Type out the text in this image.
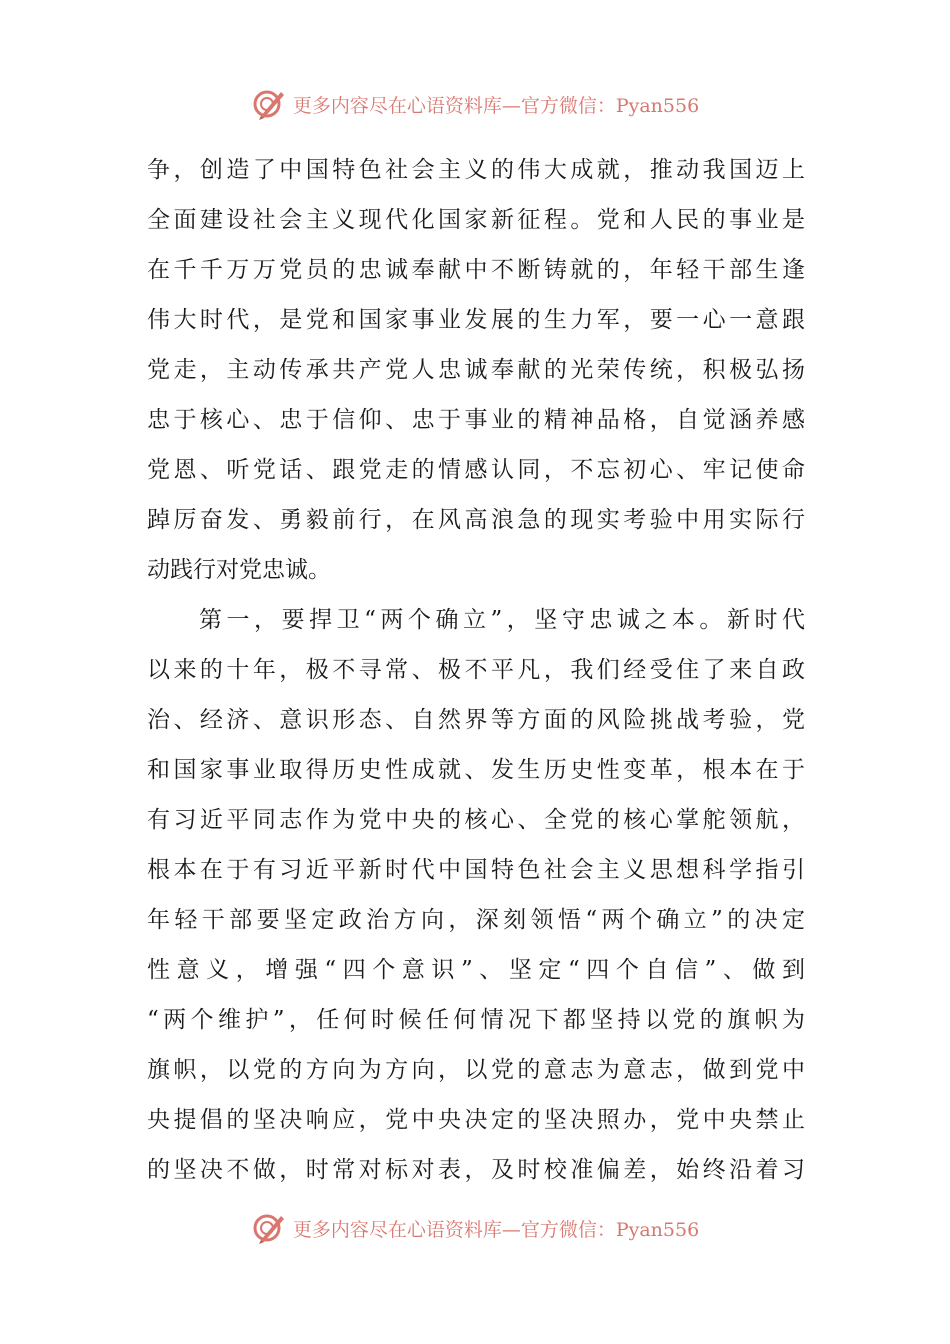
更多内容尽在心语资料库—官方微信：Pyan556
争，创造了中国特色社会主义的伟大成就，推动我国迈上
全面建设社会主义现代化国家新征程。党和人民的事业是
在千千万万党员的忠诚奉献中不断铸就的，年轻干部生逢
伟大时代，是党和国家事业发展的生力军，要一心一意跟
党走，主动传承共产党人忠诚奉献的光荣传统，积极弘扬
忠于核心、忠于信仰、忠于事业的精神品格，自觉涵养感
党恩、听党话、跟党走的情感认同，不忘初心、牢记使命
踔厉奋发、勇毅前行，在风高浪急的现实考验中用实际行
动践行对党忠诚。
第一，要捍卫“两个确立”，坚守忠诚之本。新时代
以来的十年，极不寻常、极不平凡，我们经受住了来自政
治、经济、意识形态、自然界等方面的风险挑战考验，党
和国家事业取得历史性成就、发生历史性变革，根本在于
有习近平同志作为党中央的核心、全党的核心掌舵领航，
根本在于有习近平新时代中国特色社会主义思想科学指引
年轻干部要坚定政治方向，深刻领悟“两个确立”的决定
性意义，增强“四个意识”、坚定“四个自信”、做到
“两个维护”，任何时候任何情况下都坚持以党的旗帜为
旗帜，以党的方向为方向，以党的意志为意志，做到党中
央提倡的坚决响应，党中央决定的坚决照办，党中央禁止
的坚决不做，时常对标对表，及时校准偏差，始终沿着习
更多内容尽在心语资料库—官方微信：Pyan556
